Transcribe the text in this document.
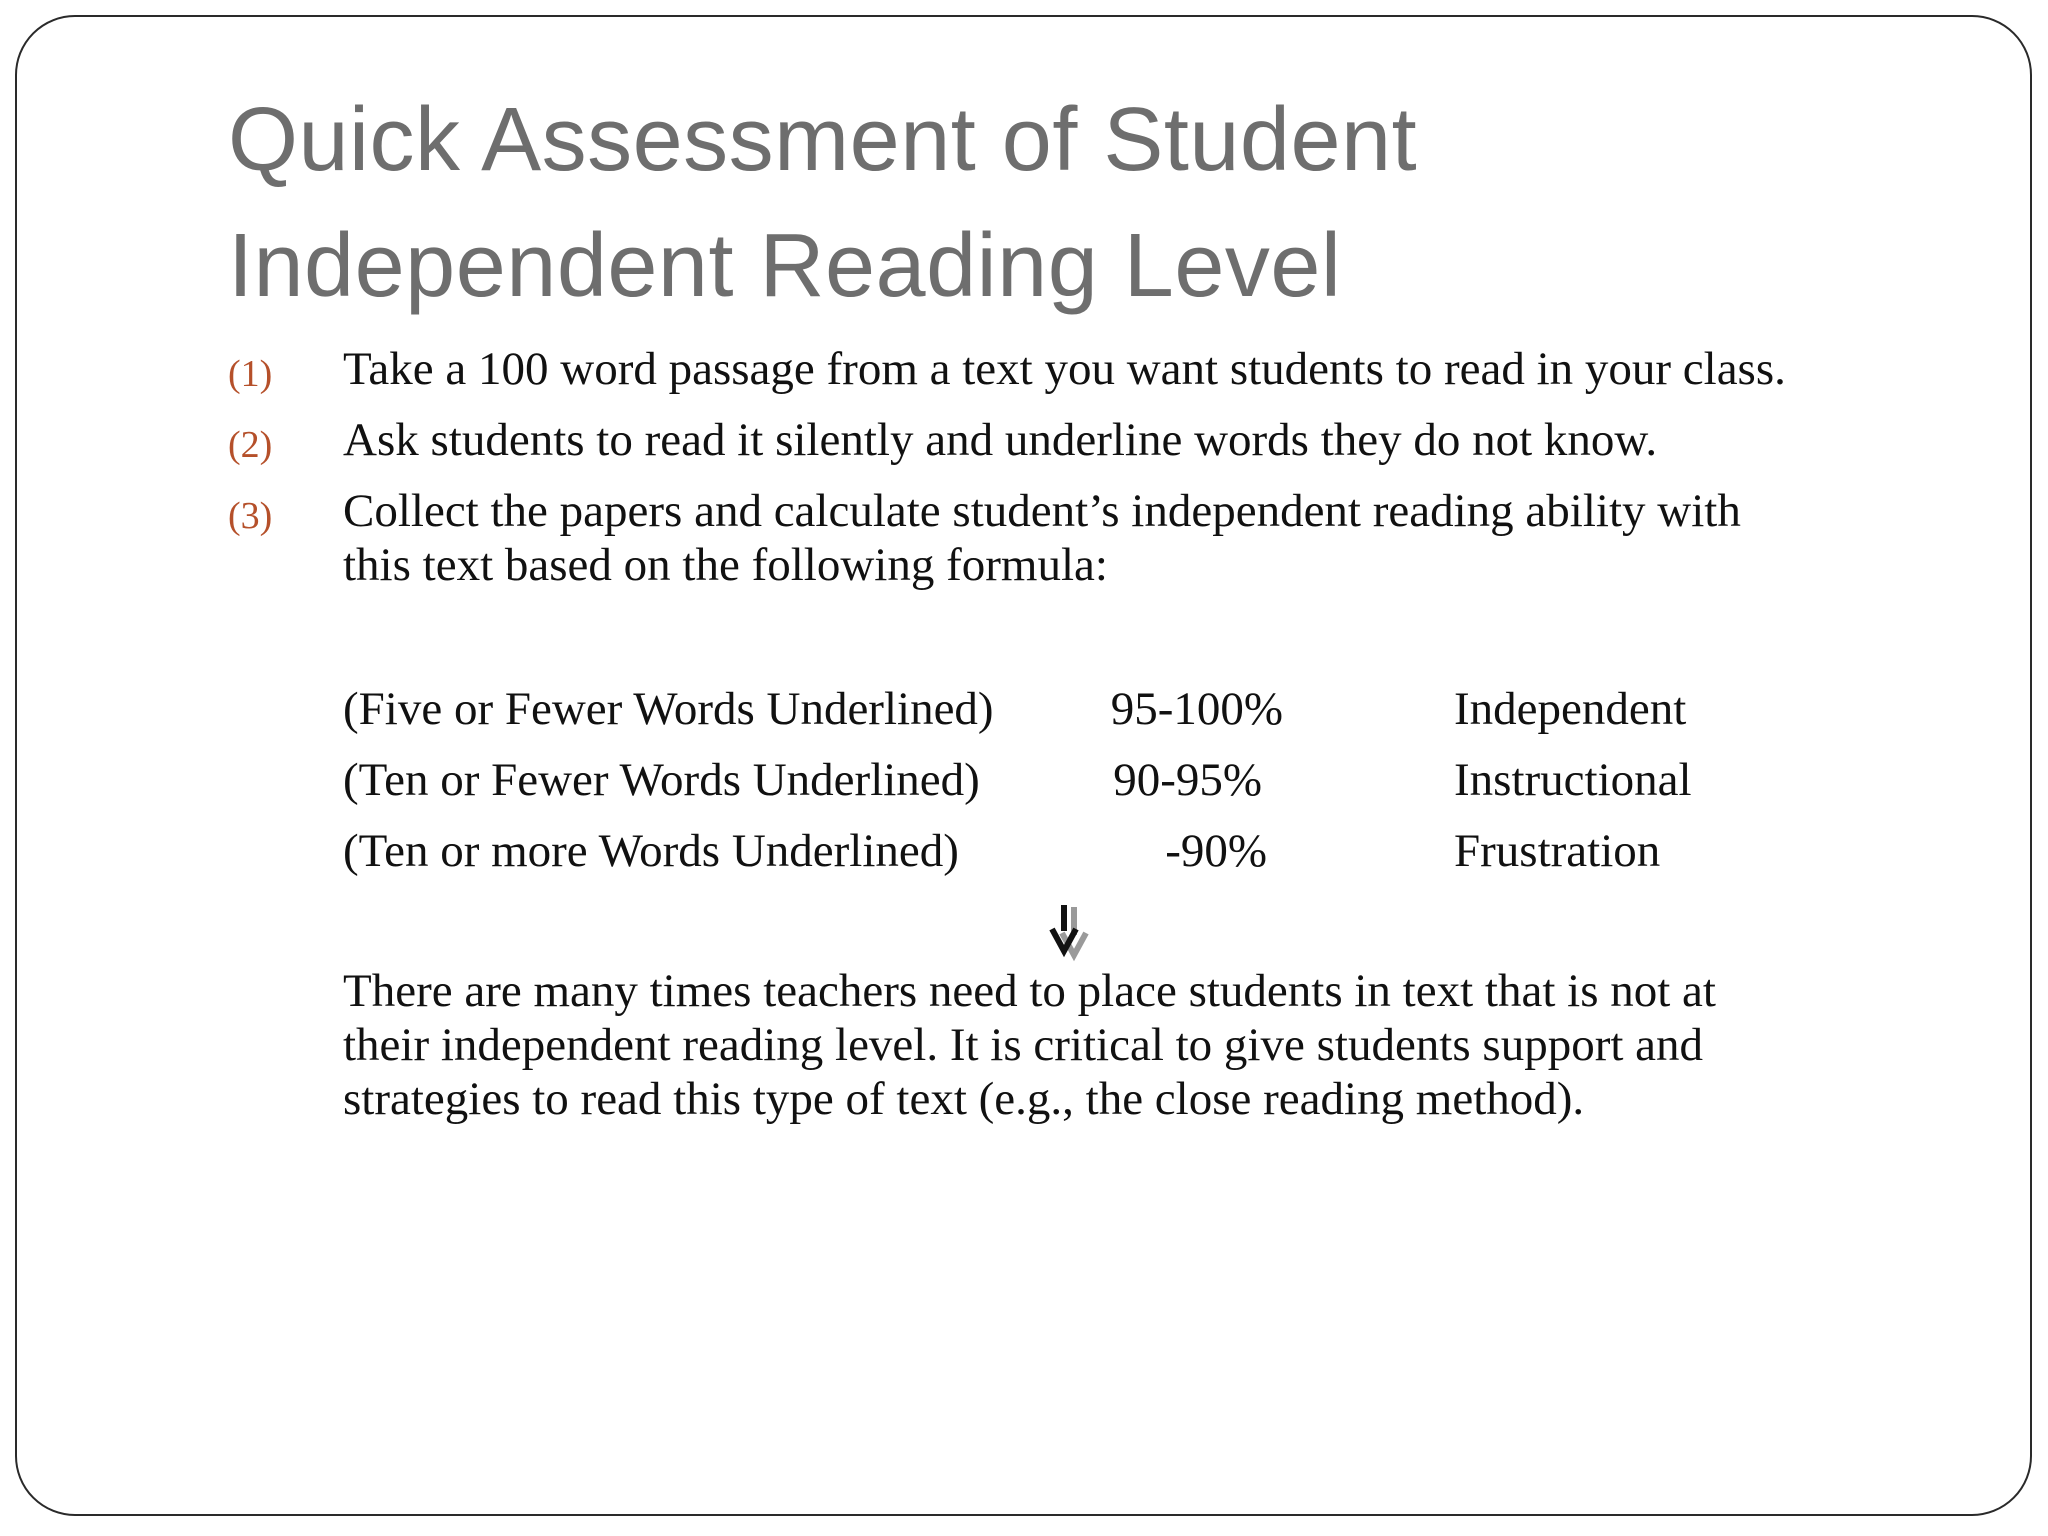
Quick Assessment of Student
Independent Reading Level
(1) Take a 100 word passage from a text you want students to read in your class.
(2) Ask students to read it silently and underline words they do not know.
(3) Collect the papers and calculate student’s independent reading ability with
this text based on the following formula:
(Five or Fewer Words Underlined)	95-100%	Independent
(Ten or Fewer Words Underlined)	90-95%	Instructional
(Ten or more Words Underlined)	-90%	Frustration
There are many times teachers need to place students in text that is not at
their independent reading level. It is critical to give students support and
strategies to read this type of text (e.g., the close reading method).
